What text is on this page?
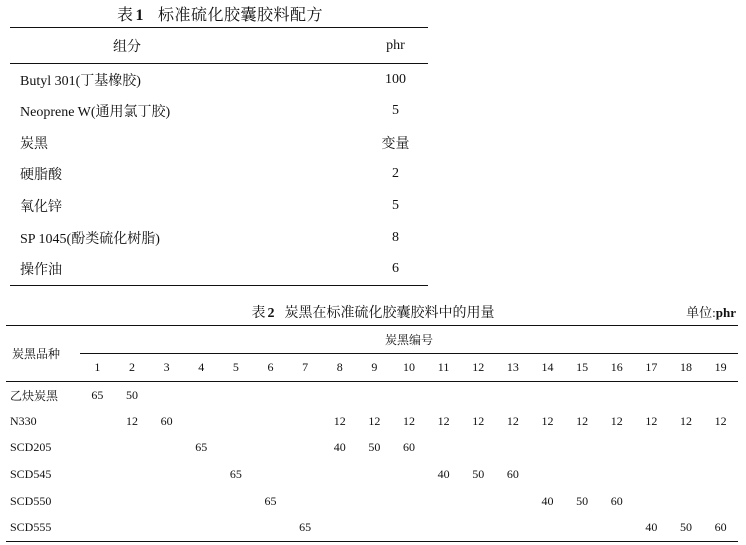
表 1 标准硫化胶囊胶料配方
组分	phr
Butyl 301(丁基橡胶)	100
Neoprene W(通用氯丁胶)	5
炭黑	变量
硬脂酸	2
氧化锌	5
SP 1045(酚类硫化树脂)	8
操作油	6
表 2 炭黑在标准硫化胶囊胶料中的用量	单位:phr
炭黑品种	炭黑编号																		
	1	2	3	4	5	6	7	8	9	10	11	12	13	14	15	16	17	18	19
乙炔炭黑	65	50																	
N330		12	60					12	12	12	12	12	12	12	12	12	12	12	12
SCD205				65				40	50	60									
SCD545					65						40	50	60						
SCD550						65								40	50	60			
SCD555							65										40	50	60
